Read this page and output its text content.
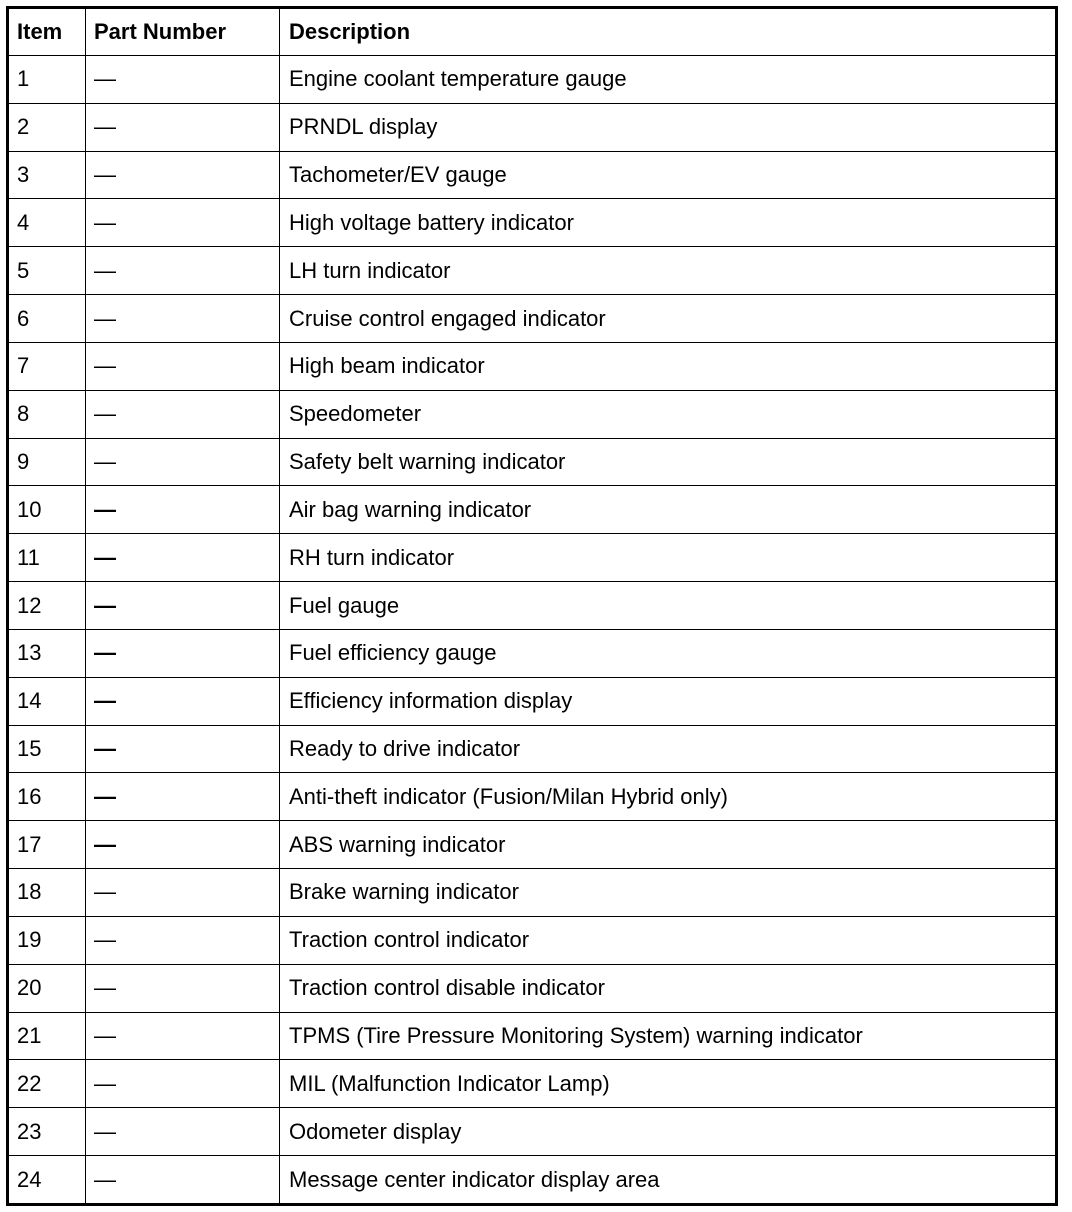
Item	Part Number	Description
1	—	Engine coolant temperature gauge
2	—	PRNDL display
3	—	Tachometer/EV gauge
4	—	High voltage battery indicator
5	—	LH turn indicator
6	—	Cruise control engaged indicator
7	—	High beam indicator
8	—	Speedometer
9	—	Safety belt warning indicator
10	—	Air bag warning indicator
11	—	RH turn indicator
12	—	Fuel gauge
13	—	Fuel efficiency gauge
14	—	Efficiency information display
15	—	Ready to drive indicator
16	—	Anti-theft indicator (Fusion/Milan Hybrid only)
17	—	ABS warning indicator
18	—	Brake warning indicator
19	—	Traction control indicator
20	—	Traction control disable indicator
21	—	TPMS (Tire Pressure Monitoring System) warning indicator
22	—	MIL (Malfunction Indicator Lamp)
23	—	Odometer display
24	—	Message center indicator display area
